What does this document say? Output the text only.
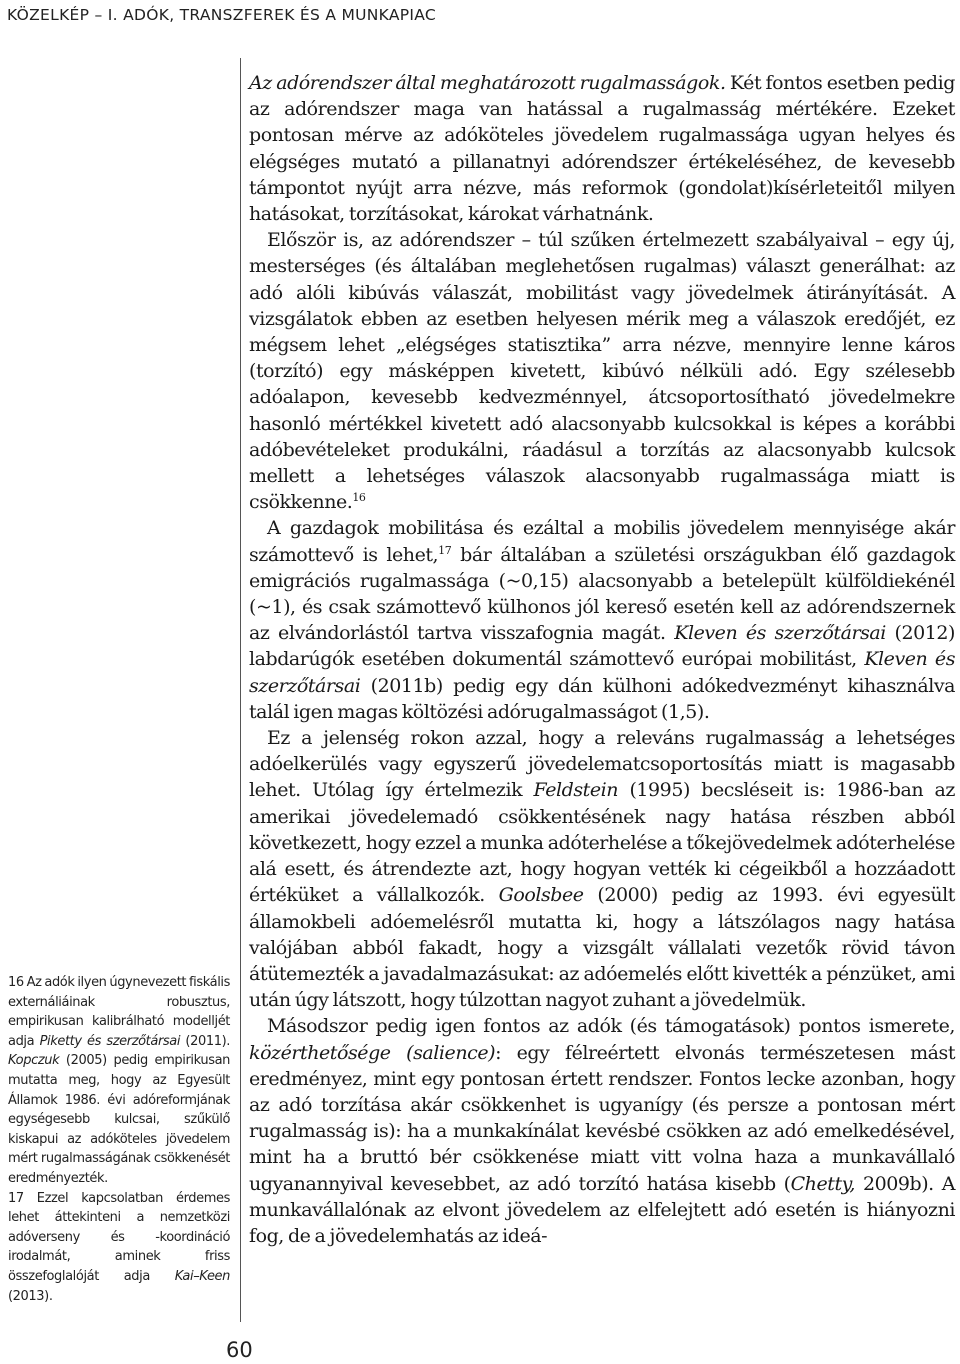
KÖZELKÉP – I. ADÓK, TRANSZFEREK ÉS A MUNKAPIAC

16 Az adók ilyen úgynevezett fiskális externáliáinak robusztus, empirikusan kalibrálható modelljét adja Piketty és szerzőtársai (2011). Kopczuk (2005) pedig empirikusan mutatta meg, hogy az Egyesült Államok 1986. évi adóreformjának egységesebb kulcsai, szűkülő kiskapui az adóköteles jövedelem mért rugalmasságának csökkenését eredményezték.

17 Ezzel kapcsolatban érdemes lehet áttekinteni a nemzetközi adóverseny és -koordináció irodalmát, aminek friss összefoglalóját adja Kai–Keen (2013).

Az adórendszer által meghatározott rugalmasságok. Két fontos esetben pedig az adórendszer maga van hatással a rugalmasság mértékére. Ezeket pontosan mérve az adóköteles jövedelem rugalmassága ugyan helyes és elégséges mutató a pillanatnyi adórendszer értékeléséhez, de kevesebb támpontot nyújt arra nézve, más reformok (gondolat)kísérleteitől milyen hatásokat, torzításokat, károkat várhatnánk.

Először is, az adórendszer – túl szűken értelmezett szabályaival – egy új, mesterséges (és általában meglehetősen rugalmas) választ generálhat: az adó alóli kibúvás válaszát, mobilitást vagy jövedelmek átirányítását. A vizsgálatok ebben az esetben helyesen mérik meg a válaszok eredőjét, ez mégsem lehet „elégséges statisztika” arra nézve, mennyire lenne káros (torzító) egy másképpen kivetett, kibúvó nélküli adó. Egy szélesebb adóalapon, kevesebb kedvezménnyel, átcsoportosítható jövedelmekre hasonló mértékkel kivetett adó alacsonyabb kulcsokkal is képes a korábbi adóbevételeket produkálni, ráadásul a torzítás az alacsonyabb kulcsok mellett a lehetséges válaszok alacsonyabb rugalmassága miatt is csökkenne.$^{16}$

A gazdagok mobilitása és ezáltal a mobilis jövedelem mennyisége akár számottevő is lehet,$^{17}$ bár általában a születési országukban élő gazdagok emigrációs rugalmassága (~0,15) alacsonyabb a betelepült külföldiekénél (~1), és csak számottevő külhonos jól kereső esetén kell az adórendszernek az elvándorlástól tartva visszafognia magát. Kleven és szerzőtársai (2012) labdarúgók esetében dokumentál számottevő európai mobilitást, Kleven és szerzőtársai (2011b) pedig egy dán külhoni adókedvezményt kihasználva talál igen magas költözési adórugalmasságot (1,5).

Ez a jelenség rokon azzal, hogy a releváns rugalmasság a lehetséges adóelkerülés vagy egyszerű jövedelematcsoportosítás miatt is magasabb lehet. Utólag így értelmezik Feldstein (1995) becsléseit is: 1986-ban az amerikai jövedelemadó csökkentésének nagy hatása részben abból következett, hogy ezzel a munka adóterhelése a tőkejövedelmek adóterhelése alá esett, és átrendezte azt, hogy hogyan vették ki cégeikből a hozzáadott értéküket a vállalkozók. Goolsbee (2000) pedig az 1993. évi egyesült államokbeli adóemelésről mutatta ki, hogy a látszólagos nagy hatása valójában abból fakadt, hogy a vizsgált vállalati vezetők rövid távon átütemezték a javadalmazásukat: az adóemelés előtt kivették a pénzüket, ami után úgy látszott, hogy túlzottan nagyot zuhant a jövedelmük.

Másodszor pedig igen fontos az adók (és támogatások) pontos ismerete, közérthetősége (salience): egy félreértett elvonás természetesen mást eredményez, mint egy pontosan értett rendszer. Fontos lecke azonban, hogy az adó torzítása akár csökkenhet is ugyanígy (és persze a pontosan mért rugalmasság is): ha a munkakínálat kevésbé csökken az adó emelkedésével, mint ha a bruttó bér csökkenése miatt vitt volna haza a munkavállaló ugyanannyival kevesebbet, az adó torzító hatása kisebb (Chetty, 2009b). A munkavállalónak az elvont jövedelem az elfelejtett adó esetén is hiányozni fog, de a jövedelemhatás az ideá-

60
